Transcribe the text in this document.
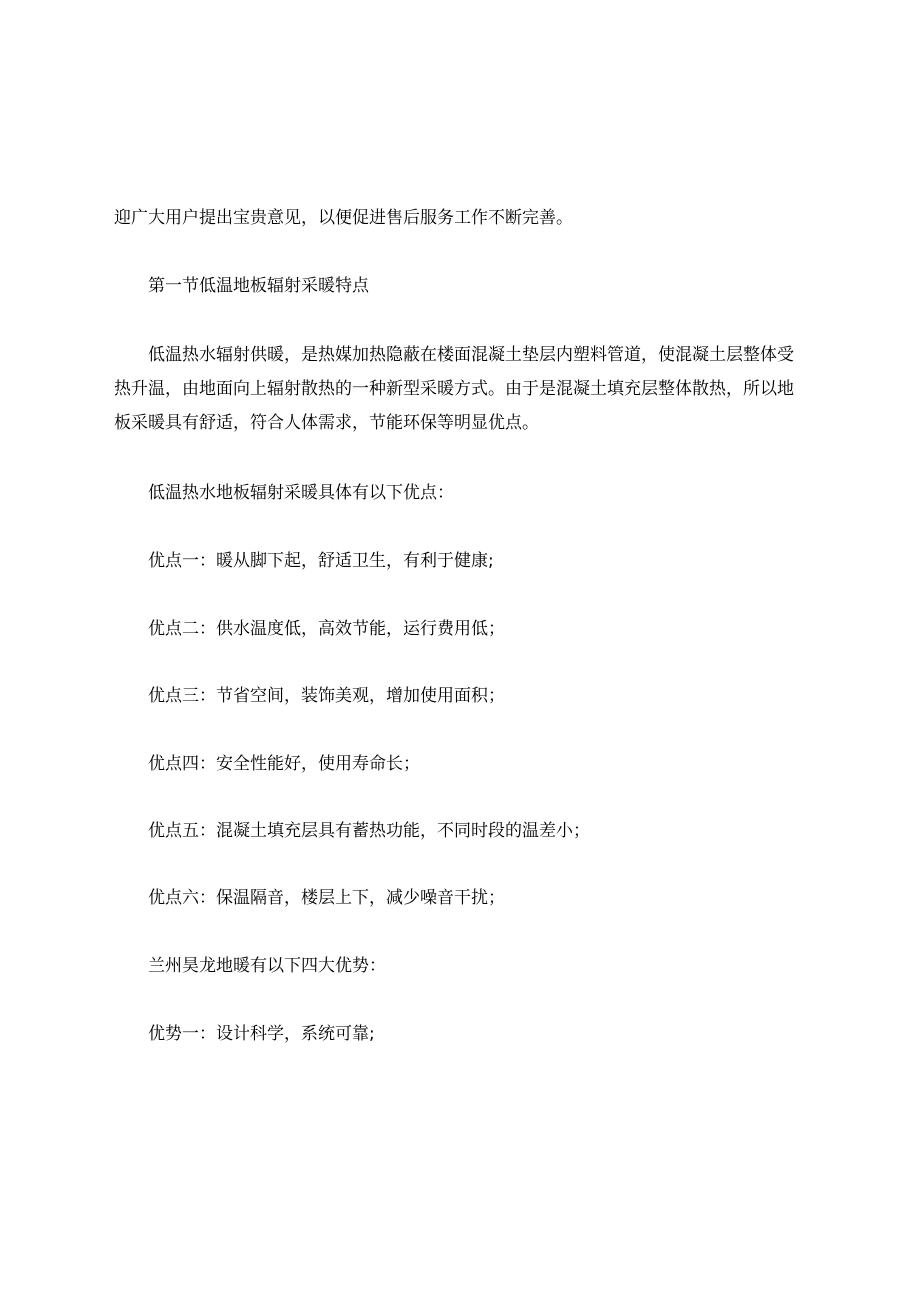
迎广大用户提出宝贵意见，以便促进售后服务工作不断完善。

第一节低温地板辐射采暖特点

低温热水辐射供暖，是热媒加热隐蔽在楼面混凝土垫层内塑料管道，使混凝土层整体受热升温，由地面向上辐射散热的一种新型采暖方式。由于是混凝土填充层整体散热，所以地板采暖具有舒适，符合人体需求，节能环保等明显优点。

低温热水地板辐射采暖具体有以下优点：

优点一：暖从脚下起，舒适卫生，有利于健康;

优点二：供水温度低，高效节能，运行费用低；

优点三：节省空间，装饰美观，增加使用面积；

优点四：安全性能好，使用寿命长；

优点五：混凝土填充层具有蓄热功能，不同时段的温差小；

优点六：保温隔音，楼层上下，减少噪音干扰；

兰州昊龙地暖有以下四大优势：

优势一：设计科学，系统可靠;
